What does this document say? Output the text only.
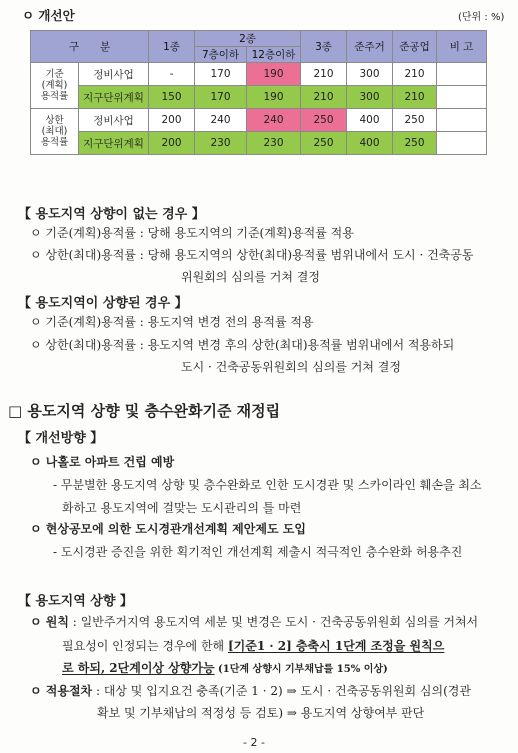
ㅇ 개선안	(단위 : %)
구　　분		1종	2종		3종	준주거	준공업	비 고
			7층이하	12층이하				
기준
(계획)
용적률	정비사업	-	170	190	210	300	210	
	지구단위계획	150	170	190	210	300	210	
상한
(최대)
용적률	정비사업	200	240	240	250	400	250	
	지구단위계획	200	230	230	250	400	250	
【 용도지역 상향이 없는 경우 】
ㅇ 기준(계획)용적률 : 당해 용도지역의 기준(계획)용적률 적용
ㅇ 상한(최대)용적률 : 당해 용도지역의 상한(최대)용적률 범위내에서 도시 · 건축공동
위원회의 심의를 거쳐 결정
【 용도지역이 상향된 경우 】
ㅇ 기준(계획)용적률 : 용도지역 변경 전의 용적률 적용
ㅇ 상한(최대)용적률 : 용도지역 변경 후의 상한(최대)용적률 범위내에서 적용하되
도시 · 건축공동위원회의 심의를 거쳐 결정
□ 용도지역 상향 및 층수완화기준 재정립
【 개선방향 】
ㅇ 나홀로 아파트 건립 예방
- 무분별한 용도지역 상향 및 층수완화로 인한 도시경관 및 스카이라인 훼손을 최소
화하고 용도지역에 걸맞는 도시관리의 틀 마련
ㅇ 현상공모에 의한 도시경관개선계획 제안제도 도입
- 도시경관 증진을 위한 획기적인 개선계획 제출시 적극적인 층수완화 허용추진
【 용도지역 상향 】
ㅇ 원칙 : 일반주거지역 용도지역 세분 및 변경은 도시 · 건축공동위원회 심의를 거쳐서
필요성이 인정되는 경우에 한해 [기준1 · 2] 층축시 1단계 조정을 원칙으
로 하되, 2단계이상 상향가능 (1단계 상향시 기부채납를 15% 이상)
ㅇ 적용절차 : 대상 및 입지요건 충족(기준 1 · 2) ⇒ 도시 · 건축공동위원회 심의(경관
확보 및 기부채납의 적정성 등 검토) ⇒ 용도지역 상향여부 판단
- 2 -
